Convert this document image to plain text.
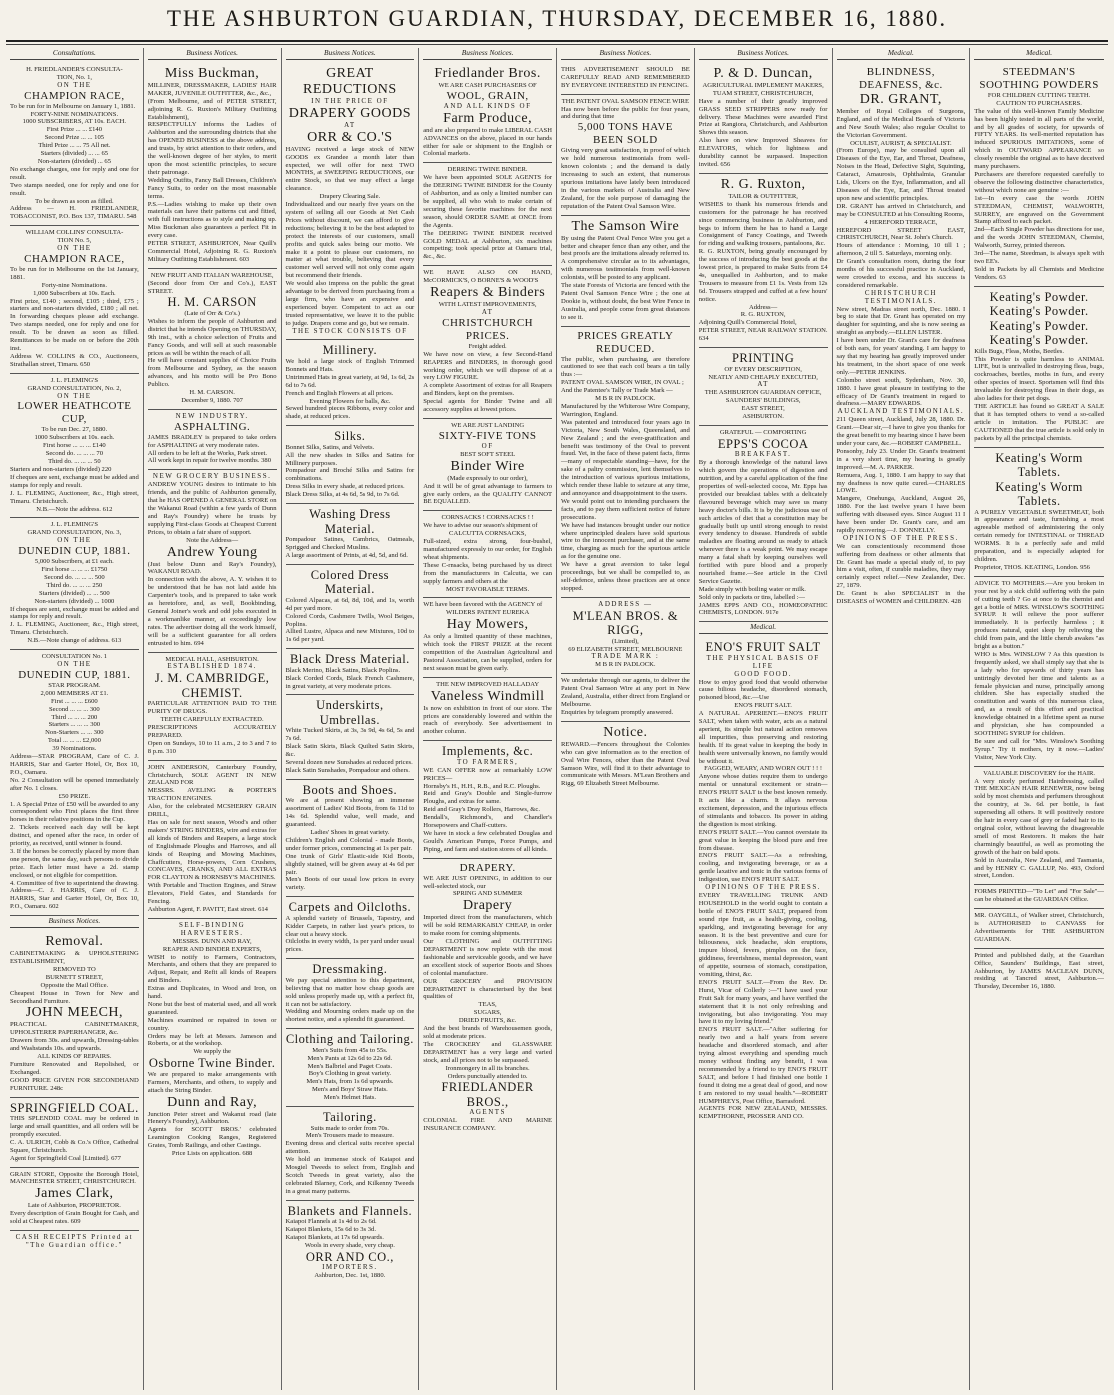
THE ASHBURTON GUARDIAN, THURSDAY, DECEMBER 16, 1880.
Consultations.
H. FRIEDLANDER'S CONSULTA-
TION, No. 1,
ON THE
CHAMPION RACE,
To be run for in Melbourne on January 1, 1881.
FORTY-NINE NOMINATIONS.
1000 SUBSCRIBERS, AT 10s. EACH.
First Prize ... ... £140
Second Prize ... ... 105
Third Prize ... ... 75 All net.
Starters (divided) ... ... 65
Non-starters (divided) ... 65
No exchange charges, one for reply and one for result.
Two stamps needed, one for reply and one for result.
To be drawn as soon as filled.
Address — H. FRIEDLANDER, TOBACCONIST, P.O. Box 137, TIMARU. 548
WILLIAM COLLINS' CONSULTA-
TION No. 5,
ON THE
CHAMPION RACE,
To be run for in Melbourne on the 1st January, 1881.
Forty-nine Nominations.
1,000 Subscribers at 10s. Each.
First prize, £140 ; second, £105 ; third, £75 ; starters and non-starters divided, £180 ; all net. In forwarding cheques please add exchange. Two stamps needed, one for reply and one for result. To be drawn as soon as filled. Remittances to be made on or before the 20th inst.
Address W. COLLINS & CO., Auctioneers, Strathallan street, Timaru. 650
J. L. FLEMING'S
GRAND CONSULTATION, No. 2,
ON THE
LOWER HEATHCOTE CUP,
To be run Dec. 27, 1880.
1000 Subscribers at 10s. each.
First horse ... ... ... £140
Second do. ... ... ... 70
Third do. ... ... ... 50
Starters and non-starters (divided) 220
If cheques are sent, exchange must be added and stamps for reply and result.
J. L. FLEMING, Auctioneer, &c., High street, Timaru. Christchurch.
N.B.—Note the address. 612
J. L. FLEMING'S
GRAND CONSULTATION, No. 3,
ON THE
DUNEDIN CUP, 1881.
5,000 Subscribers, at £1 each.
First horse ... ... ... £1750
Second do. ... ... ... 500
Third do. ... ... ... 250
Starters (divided) ... ... 500
Non-starters (divided) ... 1000
If cheques are sent, exchange must be added and stamps for reply and result.
J. L. FLEMING, Auctioneer, &c., High street, Timaru. Christchurch.
N.B.—Note change of address. 613
CONSULTATION No. 1
ON THE
DUNEDIN CUP, 1881.
STAR PROGRAM.
2,000 MEMBERS AT £1.
First ... ... ... £600
Second ... ... ... 300
Third ... ... ... 200
Starters ... ... ... 300
Non-Starters ... ... 300
Total ... ... ... £2,000
39 Nominations.
Address—STAR PROGRAM, Care of C. J. HARRIS, Star and Garter Hotel, Or, Box 10, P.O., Oamaru.
No. 2 Consultation will be opened immediately after No. 1 closes.
£50 PRIZE.
1. A Special Prize of £50 will be awarded to any correspondent who First places the first three horses in their relative positions in the Cup.
2. Tickets received each day will be kept distinct, and opened after the race, in order of priority, as received, until winner is found.
3. If the horses be correctly placed by more than one person, the same day, such persons to divide prize. Each letter must have a 2d. stamp enclosed, or not eligible for competition.
4. Committee of five to superintend the drawing.
Address—C. J. HARRIS, Care of C. J. HARRIS, Star and Garter Hotel, Or, Box 10, P.O., Oamaru. 602
Business Notices.
Removal.
CABINETMAKING & UPHOLSTERING ESTABLISHMENT,
REMOVED TO
BURNETT STREET,
Opposite the Mail Office.
Cheapest House in Town for New and Secondhand Furniture.
JOHN MEECH,
PRACTICAL CABINETMAKER, UPHOLSTERER PAPERHANGER, &c.
Drawers from 30s. and upwards, Dressing-tables and Washstands 10s. and upwards.
ALL KINDS OF REPAIRS.
Furniture Renovated and Repolished, or Exchanged.
GOOD PRICE GIVEN FOR SECONDHAND FURNITURE. 248c
SPRINGFIELD COAL.
THIS SPLENDID COAL may be ordered in large and small quantities, and all orders will be promptly executed.
C. A. ULRICH, Cobb & Co.'s Office, Cathedral Square, Christchurch.
Agent for Springfield Coal [Limited]. 677
GRAIN STORE, Opposite the Borough Hotel, MANCHESTER STREET, CHRISTCHURCH.
James Clark,
Late of Ashburton, PROPRIETOR.
Every description of Grain Bought for Cash, and sold at Cheapest rates. 609
CASH RECEIPTS Printed at "The Guardian office."
Business Notices.
Miss Buckman,
MILLINER, DRESSMAKER, LADIES' HAIR MAKER, JUVENILE OUTFITTER, &c., &c.,
(From Melbourne, and of PETER STREET, adjoining R. G. Ruxton's Military Outfitting Establishment),
RESPECTFULLY informs the Ladies of Ashburton and the surrounding districts that she has OPENED BUSINESS at the above address, and trusts, by strict attention to their orders, and the well-known degree of her styles, to merit upon the most scientific principles, to secure their patronage.
Wedding Outfits, Fancy Ball Dresses, Children's Fancy Suits, to order on the most reasonable terms.
P.S.—Ladies wishing to make up their own materials can have their patterns cut and fitted, with full instructions as to style and making up. Miss Buckman also guarantees a perfect Fit in every case.
PETER STREET, ASHBURTON, Near Quill's Commercial Hotel, Adjoining R. G. Ruxton's Military Outfitting Establishment. 603
NEW FRUIT AND ITALIAN WAREHOUSE,
(Second door from Orr and Co's.), EAST STREET.
H. M. CARSON
(Late of Orr & Co's.)
Wishes to inform the people of Ashburton and district that he intends Opening on THURSDAY, 9th inst., with a choice selection of Fruits and Fancy Goods, and will sell at such reasonable prices as will be within the reach of all.
He will have constant supplies of Choice Fruits from Melbourne and Sydney, as the season advances, and his motto will be Pro Bono Publico.
H. M. CARSON.
December 9, 1880. 707
NEW INDUSTRY.
ASPHALTING.
JAMES BRADLEY is prepared to take orders for ASPHALTING at very moderate rates.
All orders to be left at the Works, Park street.
All work kept in repair for twelve months. 380
NEW GROCERY BUSINESS.
ANDREW YOUNG desires to intimate to his friends, and the public of Ashburton generally, that he HAS OPENED A GENERAL STORE on the Wakanui Road (within a few yards of Dunn and Ray's Foundry) where he trusts by supplying First-class Goods at Cheapest Current Prices, to obtain a fair share of support.
Note the Address—
Andrew Young
(Just below Dunn and Ray's Foundry), WAKANUI ROAD.
In connection with the above, A. Y. wishes it to be understood that he has not laid aside his Carpenter's tools, and is prepared to take work as heretofore, and, as well, Bookbinding, General Joiner's work and odd jobs executed in a workmanlike manner, at exceedingly low rates. The advertiser doing all the work himself, will be a sufficient guarantee for all orders entrusted to him. 694
MEDICAL HALL, ASHBURTON.
ESTABLISHED 1874.
J. M. CAMBRIDGE,
CHEMIST.
PARTICULAR ATTENTION PAID TO THE PURITY OF DRUGS.
TEETH CAREFULLY EXTRACTED.
PRESCRIPTIONS ACCURATELY PREPARED.
Open on Sundays, 10 to 11 a.m., 2 to 3 and 7 to 8 p.m. 310
JOHN ANDERSON, Canterbury Foundry, Christchurch, SOLE AGENT IN NEW ZEALAND FOR
MESSRS. AVELING & PORTER'S TRACTION ENGINES.
Also, for the celebrated MCSHERRY GRAIN DRILL,
Has on sale for next season, Wood's and other makers' STRING BINDERS, wire and extras for all kinds of Binders and Reapers, a large stock of Englishmade Ploughs and Harrows, and all kinds of Reaping and Mowing Machines, Chaffcutters, Horse-powers, Corn Crushers, CONCAVES, CRANKS, AND ALL EXTRAS FOR CLAYTON & HORNSBY'S MACHINES.
With Portable and Traction Engines, and Straw Elevators, Field Gates, and Standards for Fencing.
Ashburton Agent, F. PAVITT, East street. 614
SELF-BINDING HARVESTERS.
MESSRS. DUNN AND RAY,
REAPER AND BINDER EXPERTS,
WISH to notify to Farmers, Contractors, Merchants, and others that they are prepared to Adjust, Repair, and Refit all kinds of Reapers and Binders.
Extras and Duplicates, in Wood and Iron, on hand.
None but the best of material used, and all work guaranteed.
Machines examined or repaired in town or country.
Orders may be left at Messrs. Jameson and Roberts, or at the workshop.
We supply the
Osborne Twine Binder.
We are prepared to make arrangements with Farmers, Merchants, and others, to supply and attach the String Binder.
Dunn and Ray,
Junction Peter street and Wakanui road (late Henery's Foundry), Ashburton.
Agents for SCOTT BROS.' celebrated Leamington Cooking Ranges, Registered Grates, Tomb Railings, and other Castings.
Price Lists on application. 688
Business Notices.
GREAT REDUCTIONS
IN THE PRICE OF
DRAPERY GOODS
AT
ORR & CO.'S
HAVING received a large stock of NEW GOODS ex Grandee a month later than expected, we will offer for next TWO MONTHS, at SWEEPING REDUCTIONS, our entire Stock, so that we may effect a large clearance.
Drapery Clearing Sale.
Individualized and our nearly five years on the system of selling all our Goods at Net Cash Prices without discount, we can afford to give reductions; believing it to be the best adapted to protect the interests of our customers, small profits and quick sales being our motto. We make it a point to please our customers, no matter at what trouble, believing that every customer well served will not only come again but recommend their friends.
We would also impress on the public the great advantage to be derived from purchasing from a large firm, who have an expensive and experienced buyer. Competent to act as our trusted representative, we leave it to the public to judge. Drapers come and go, but we remain.
THE STOCK CONSISTS OF
Millinery.
We hold a large stock of English Trimmed Bonnets and Hats.
Untrimmed Hats in great variety, at 9d, 1s 6d, 2s 6d to 7s 6d.
French and English Flowers at all prices.
Evening Flowers for balls, &c.
Sewed hundred pieces Ribbons, every color and shade, at reduced prices.
Silks.
Bonnet Silks, Satins, and Velvets.
All the new shades in Silks and Satins for Millinery purposes.
Pompadour and Broché Silks and Satins for combinations.
Dress Silks in every shade, at reduced prices.
Black Dress Silks, at 4s 6d, 5s 9d, to 7s 6d.
Washing Dress Material.
Pompadour Satines, Cambrics, Oatmeals, Sprigged and Checked Muslins.
A large assortment of Prints, at 4d, 5d, and 6d.
Colored Dress Material.
Colored Alpacas, at 6d, 8d, 10d, and 1s, worth 4d per yard more.
Colored Cords, Cashmere Twills, Wool Beiges, Poplins.
Allied Lustre, Alpaca and new Mixtures, 10d to 1s 6d per yard.
Black Dress Material.
Black Merino, Black Satins, Black Poplins.
Black Corded Cords, Black French Cashmere, in great variety, at very moderate prices.
Underskirts, Umbrellas.
White Tucked Skirts, at 3s, 3s 9d, 4s 6d, 5s and 7s 6d.
Black Satin Skirts, Black Quilted Satin Skirts, &c.
Several dozen new Sunshades at reduced prices.
Black Satin Sunshades, Pompadour and others.
Boots and Shoes.
We are at present showing an immense assortment of Ladies' Kid Boots, from 6s 11d to 14s 6d. Splendid value, well made, and guaranteed.
Ladies' Shoes in great variety.
Children's English and Colonial - made Boots, under former prices, commencing at 1s per pair.
One trunk of Girls' Elastic-side Kid Boots, slightly stained, will be given away at 4s 6d per pair.
Men's Boots of our usual low prices in every variety.
Carpets and Oilcloths.
A splendid variety of Brussels, Tapestry, and Kidder Carpets, in rather last year's prices, to clear out a heavy stock.
Oilcloths in every width, 1s per yard under usual prices.
Dressmaking.
We pay special attention to this department, believing that no matter how cheap goods are sold unless properly made up, with a perfect fit, it can not be satisfactory.
Wedding and Mourning orders made up on the shortest notice, and a splendid fit guaranteed.
Clothing and Tailoring.
Men's Suits from 45s to 55s.
Men's Pants at 12s 6d to 22s 6d.
Men's Balbriel and Paget Coats.
Boy's Clothing in great variety.
Men's Hats, from 1s 6d upwards.
Men's and Boys' Straw Hats.
Men's Helmet Hats.
Tailoring.
Suits made to order from 70s.
Men's Trousers made to measure.
Evening dress and clerical suits receive special attention.
We hold an immense stock of Kaiapoi and Mosgiel Tweeds to select from, English and Scotch Tweeds in great variety, also the celebrated Blarney, Cork, and Kilkenny Tweeds in a great many patterns.
Blankets and Flannels.
Kaiapoi Flannels at 1s 4d to 2s 6d.
Kaiapoi Blankets, 15s 6d to 3s 3d.
Kaiapoi Blankets, at 17s 6d upwards.
Wools in every shade, very cheap.
ORR AND CO.,
IMPORTERS.
Ashburton, Dec. 1st, 1880.
Business Notices.
Friedlander Bros.
WE ARE CASH PURCHASERS OF
WOOL, GRAIN,
AND ALL KINDS OF
Farm Produce,
and are also prepared to make LIBERAL CASH ADVANCES on the above, placed in our hands either for sale or shipment to the English or Colonial markets.
DERRING TWINE BINDER.
We have been appointed SOLE AGENTS for the DEERING TWINE BINDER for the County of Ashburton, and as only a limited number can be supplied, all who wish to make certain of securing these favorite machines for the next season, should ORDER SAME at ONCE from the Agents.
The DEERING TWINE BINDER received GOLD MEDAL at Ashburton, six machines competing; took special prize at Oamaru trial, &c., &c.
WE HAVE ALSO ON HAND, McCORMICK'S, O BORNE'S & WOOD'S
Reapers & Binders
WITH LATEST IMPROVEMENTS,
AT
CHRISTCHURCH PRICES.
Freight added.
We have now on view, a few Second-Hand REAPERS and BINDERS, in thorough good working order, which we will dispose of at a very LOW FIGURE.
A complete Assortment of extras for all Reapers and Binders, kept on the premises.
Special agents for Binder Twine and all accessory supplies at lowest prices.
WE ARE JUST LANDING
SIXTY-FIVE TONS
OF
BEST SOFT STEEL
Binder Wire
(Made expressly to our order),
And it will be of great advantage to farmers to give early orders, as the QUALITY CANNOT BE EQUALLED.
CORNSACKS ! CORNSACKS ! !
We have to advise our season's shipment of
CALCUTTA CORNSACKS,
Full-sized, extra strong, four-bushel, manufactured expressly to our order, for English wheat shipments.
These C-rnsacks, being purchased by us direct from the manufacturers in Calcutta, we can supply farmers and others at the
MOST FAVORABLE TERMS.
WE have been favored with the AGENCY of
WILDERS PATENT EUREKA
Hay Mowers,
As only a limited quantity of these machines, which took the FIRST PRIZE at the recent competition of the Australian Agricultural and Pastoral Association, can be supplied, orders for next season must be given early.
THE NEW IMPROVED HALLADAY
Vaneless Windmill
Is now on exhibition in front of our store. The prices are considerably lowered and within the reach of everybody. See advertisement in another column.
Implements, &c.
TO FARMERS,
WE CAN OFFER now at remarkably LOW PRICES—
Hornsby's H., H.H., R.B., and R.C. Ploughs.
Reid and Gray's Double and Single-furrow Ploughs, and extras for same.
Reid and Gray's Dray Rollers, Harrows, &c.
Bendall's, Richmond's, and Chandler's Horsepowers and Chaff-cutters.
We have in stock a few celebrated Douglas and Gould's American Pumps, Force Pumps, and Piping, and farm and station stores of all kinds.
DRAPERY.
WE ARE JUST OPENING, in addition to our well-selected stock, our
SPRING AND SUMMER
Drapery
Imported direct from the manufacturers, which will be sold REMARKABLY CHEAP, in order to make room for coming shipments.
Our CLOTHING and OUTFITTING DEPARTMENT is now replete with the most fashionable and serviceable goods, and we have an excellent stock of superior Boots and Shoes of colonial manufacture.
OUR GROCERY and PROVISION DEPARTMENT is characterised by the best qualities of
TEAS,
SUGARS,
DRIED FRUITS, &c.
And the best brands of Warehousemen goods, sold at moderate prices.
The CROCKERY and GLASSWARE DEPARTMENT has a very large and varied stock, and all prices not to be surpassed.
Ironmongery in all its branches.
Orders punctually attended to.
FRIEDLANDER BROS.,
AGENTS
COLONIAL FIRE AND MARINE INSURANCE COMPANY.
Business Notices.
THIS ADVERTISEMENT SHOULD BE CAREFULLY READ AND REMEMBERED BY EVERYONE INTERESTED IN FENCING.
THE PATENT OVAL SAMSON FENCE WIRE
Has now been before the public for four years, and during that time
5,000 TONS HAVE BEEN SOLD
Giving very great satisfaction, in proof of which we hold numerous testimonials from well-known colonists ; and the demand is daily increasing to such an extent, that numerous spurious imitations have lately been introduced in the various markets of Australia and New Zealand, for the sole purpose of damaging the reputation of the Patent Oval Samson Wire.
The Samson Wire
By using the Patent Oval Fence Wire you get a better and cheaper fence than any other, and the best proofs are the imitations already referred to.
A comprehensive circular as to its advantages, with numerous testimonials from well-known colonists, will be posted to any applicant.
The state Forests of Victoria are fenced with the Patent Oval Samson Fence Wire ; the one at Dookie is, without doubt, the best Wire Fence in Australia, and people come from great distances to see it.
PRICES GREATLY REDUCED.
The public, when purchasing, are therefore cautioned to see that each coil bears a tin tally thus :—
PATENT OVAL SAMSON WIRE, IN OVAL ;
And the Patentee's Tally or Trade Mark —
M B R IN PADLOCK.
Manufactured by the Whiterose Wire Company, Warrington, England.
Was patented and introduced four years ago in Victoria, New South Wales, Queensland, and New Zealand ; and the ever-gratification and benefit was testimony of the Oval to prevent fraud. Yet, in the face of these patent facts, firms—many of respectable standing—have, for the sake of a paltry commission, lent themselves to the introduction of various spurious imitations, which render these liable to seizure at any time, and annoyance and disappointment to the users.
We would point out to intending purchasers the facts, and to pay them sufficient notice of future prosecutions.
We have had instances brought under our notice where unprincipled dealers have sold spurious wire to the innocent purchaser, and at the same time, charging as much for the spurious article as for the genuine one.
We have a great aversion to take legal proceedings, but we shall be compelled to, as self-defence, unless those practices are at once stopped.
ADDRESS —
M'LEAN BROS. & RIGG,
(Limited),
69 ELIZABETH STREET, MELBOURNE
TRADE MARK :
M B R IN PADLOCK.
We undertake through our agents, to deliver the Patent Oval Samson Wire at any port in New Zealand, Australia, either direct from England or Melbourne.
Enquiries by telegram promptly answered.
Notice.
REWARD.—Fencers throughout the Colonies who can give information as to the erection of Oval Wire Fences, other than the Patent Oval Samson Wire, will find it to their advantage to communicate with Messrs. M'Lean Brothers and Rigg, 69 Elizabeth Street Melbourne.
Business Notices.
P. & D. Duncan,
AGRICULTURAL IMPLEMENT MAKERS,
TUAM STREET, CHRISTCHURCH,
Have a number of their greatly improved GRASS SEED STRIPPERS now ready for delivery. These Machines were awarded First Prize at Rangiora, Christchurch, and Ashburton Shows this season.
Also have on view Improved Sheaves for ELEVATORS, which for lightness and durability cannot be surpassed. Inspection invited. 656
R. G. Ruxton,
TAILOR & OUTFITTER,
WISHES to thank his numerous friends and customers for the patronage he has received since commencing business in Ashburton, and begs to inform them he has to hand a Large Consignment of Fancy Coatings, and Tweeds for riding and walking trousers, pantaloons, &c.
R. G. RUXTON, being greatly encouraged by the success of introducing the best goods at the lowest price, is prepared to make Suits from £4 4s, unequalled in Ashburton, and to make Trousers to measure from £1 1s. Vests from 12s 6d. Trousers strapped and cuffed at a few hours' notice.
Address—
R. G. RUXTON,
Adjoining Quill's Commercial Hotel,
PETER STREET, NEAR RAILWAY STATION. 634
PRINTING
OF EVERY DESCRIPTION,
NEATLY AND CHEAPLY EXECUTED,
AT
THE ASHBURTON GUARDIAN OFFICE,
SAUNDERS' BUILDINGS,
EAST STREET,
ASHBURTON.
GRATEFUL — COMFORTING
EPPS'S COCOA
BREAKFAST.
By a thorough knowledge of the natural laws which govern the operations of digestion and nutrition, and by a careful application of the fine properties of well-selected cocoa, Mr. Epps has provided our breakfast tables with a delicately flavoured beverage which may save us many heavy doctor's bills. It is by the judicious use of such articles of diet that a constitution may be gradually built up until strong enough to resist every tendency to disease. Hundreds of subtle maladies are floating around us ready to attack wherever there is a weak point. We may escape many a fatal shaft by keeping ourselves well fortified with pure blood and a properly nourished frame.—See article in the Civil Service Gazette.
Made simply with boiling water or milk.
Sold only in packets or tins, labelled :—
JAMES EPPS AND CO., HOMŒOPATHIC CHEMISTS, LONDON. 917e
Medical.
ENO'S FRUIT SALT
THE PHYSICAL BASIS OF LIFE
GOOD FOOD.
How to enjoy good food that would otherwise cause bilious headache, disordered stomach, poisoned blood, &c.—Use
ENO'S FRUIT SALT.
A NATURAL APERIENT.—ENO'S FRUIT SALT, when taken with water, acts as a natural aperient, its simple but natural action removes all impurities, thus preserving and restoring health. If its great value in keeping the body in health were universally known, no family would be without it.
FAGGED, WEARY, AND WORN OUT ! ! !
Anyone whose duties require them to undergo mental or unnatural excitement or strain—ENO'S FRUIT SALT is the best known remedy. It acts like a charm. It allays nervous excitement, depression, and the injurious effects of stimulants and tobacco. Its power in aiding the digestion is most striking.
ENO'S FRUIT SALT.—You cannot overstate its great value in keeping the blood pure and free from disease.
ENO'S FRUIT SALT.—As a refreshing, cooling, and invigorating beverage, or as a gentle laxative and tonic in the various forms of indigestion, use ENO'S FRUIT SALT.
OPINIONS OF THE PRESS.
EVERY TRAVELLING TRUNK AND HOUSEHOLD in the world ought to contain a bottle of ENO'S FRUIT SALT, prepared from sound ripe fruit, as a health-giving, cooling, sparkling, and invigorating beverage for any season. It is the best preventive and cure for biliousness, sick headache, skin eruptions, impure blood, fevers, pimples on the face, giddiness, feverishness, mental depression, want of appetite, sourness of stomach, constipation, vomiting, thirst, &c.
ENO'S FRUIT SALT.—From the Rev. Dr. Hurst, Vicar of Collerly :—"I have used your Fruit Salt for many years, and have verified the statement that it is not only refreshing and invigorating, but also invigorating. You may have it to my loving friend."
ENO'S FRUIT SALT.—"After suffering for nearly two and a half years from severe headache and disordered stomach, and after trying almost everything and spending much money without finding any benefit, I was recommended by a friend to try ENO'S FRUIT SALT, and before I had finished one bottle I found it doing me a great deal of good, and now I am restored to my usual health."—ROBERT HUMPHREYS, Post Office, Barrasford.
AGENTS FOR NEW ZEALAND, MESSRS. KEMPTHORNE, PROSSER AND CO.
Medical.
BLINDNESS, DEAFNESS, &c.
DR. GRANT,
Member of Royal Colleges of Surgeons, England, and of the Medical Boards of Victoria and New South Wales; also regular Oculist to the Victorian Government.
OCULIST, AURIST, & SPECIALIST.
(From Europe), may be consulted upon all Diseases of the Eye, Ear, and Throat, Deafness, Noises in the Head, Defective Sight, Squinting, Cataract, Amaurosis, Ophthalmia, Granular Lids, Ulcers on the Eye, Inflammation, and all Diseases of the Eye, Ear, and Throat treated upon new and scientific principles.
DR. GRANT has arrived in Christchurch, and may be CONSULTED at his Consulting Rooms,
4 HEREFORD TERRACE,
HEREFORD STREET EAST, CHRISTCHURCH, Near St. John's Church.
Hours of attendance : Morning, 10 till 1 ; afternoon, 2 till 5. Saturdays, morning only.
Dr Grant's consultation room, during the four months of his successful practice in Auckland, were crowded to excess, and his success is considered remarkable.
CHRISTCHURCH TESTIMONIALS.
New street, Madras street north, Dec. 1880. I beg to state that Dr. Grant has operated on my daughter for squinting, and she is now seeing as straight as anybody.—ELLEN LISTER.
I have been under Dr. Grant's care for deafness of both ears, for years' standing. I am happy to say that my hearing has greatly improved under his treatment, in the short space of one week only.—PETER JENKINS.
Colombo street south, Sydenham, Nov. 30, 1880. I have great pleasure in testifying to the efficacy of Dr Grant's treatment in regard to deafness.—MARY EDWARDS.
AUCKLAND TESTIMONIALS.
211 Queen street, Auckland, July 28, 1880. Dr. Grant.—Dear sir,—I have to give you thanks for the great benefit to my hearing since I have been under your care, &c.—ROBERT CAMPBELL.
Ponsonby, July 23. Under Dr. Grant's treatment in a very short time, my hearing is greatly improved.—M. A. PARKER.
Remuera, Aug. 1, 1880. I am happy to say that my deafness is now quite cured.—CHARLES LOWE.
Mangere, Onehunga, Auckland, August 26, 1880. For the last twelve years I have been suffering with diseased eyes. Since August 11 I have been under Dr. Grant's care, and am rapidly recovering.—J. DONNELLY.
OPINIONS OF THE PRESS.
We can conscientiously recommend those suffering from deafness or other ailments that Dr. Grant has made a special study of, to pay him a visit, often, if curable maladies, they may certainly expect relief.—New Zealander, Dec. 27, 1879.
Dr. Grant is also SPECIALIST in the DISEASES of WOMEN and CHILDREN. 428
Medical.
STEEDMAN'S SOOTHING POWDERS
FOR CHILDREN CUTTING TEETH.
CAUTION TO PURCHASERS.
The value of this well-known Family Medicine has been highly tested in all parts of the world, and by all grades of society, for upwards of FIFTY YEARS. Its well-merited reputation has induced SPURIOUS IMITATIONS, some of which in OUTWARD APPEARANCE so closely resemble the original as to have deceived many purchasers.
Purchasers are therefore requested carefully to observe the following distinctive characteristics, without which none are genuine :—
1st—In every case the words JOHN STEEDMAN, CHEMIST, WALWORTH, SURREY, are engraved on the Government Stamp affixed to each packet.
2nd—Each Single Powder has directions for use, and the words JOHN STEEDMAN, Chemist, Walworth, Surrey, printed thereon.
3rd—The name, Steedman, is always spelt with two EE's.
Sold in Packets by all Chemists and Medicine Vendors. 63
Keating's Powder.
Keating's Powder.
Keating's Powder.
Keating's Powder.
Kills Bugs, Fleas, Moths, Beetles.
This Powder is quite harmless to ANIMAL LIFE, but is unrivalled in destroying fleas, bugs, cockroaches, beetles, moths in furs, and every other species of insect. Sportsmen will find this invaluable for destroying fleas in their dogs, as also ladies for their pet dogs.
THE ARTICLE has found so GREAT A SALE that it has tempted others to vend a so-called article in imitation. The PUBLIC are CAUTIONED that the true article is sold only in packets by all the principal chemists.
Keating's Worm Tablets.
Keating's Worm Tablets.
A PURELY VEGETABLE SWEETMEAT, both in appearance and taste, furnishing a most agreeable method of administering the only certain remedy for INTESTINAL or THREAD WORMS. It is a perfectly safe and mild preparation, and is especially adapted for children.
Proprietor, THOS. KEATING, London. 956
ADVICE TO MOTHERS.—Are you broken in your rest by a sick child suffering with the pain of cutting teeth ? Go at once to the chemist and get a bottle of MRS. WINSLOW'S SOOTHING SYRUP. It will relieve the poor sufferer immediately. It is perfectly harmless ; it produces natural, quiet sleep by relieving the child from pain, and the little cherub awakes "as bright as a button."
WHO is Mrs. WINSLOW ? As this question is frequently asked, we shall simply say that she is a lady who for upwards of thirty years has untiringly devoted her time and talents as a female physician and nurse, principally among children. She has especially studied the constitution and wants of this numerous class, and, as a result of this effort and practical knowledge obtained in a lifetime spent as nurse and physician, she has compounded a SOOTHING SYRUP for children.
Be sure and call for "Mrs. Winslow's Soothing Syrup." Try it mothers, try it now.—Ladies' Visitor, New York City.
VALUABLE DISCOVERY for the HAIR.
A very nicely perfumed Hairdressing, called THE MEXICAN HAIR RENEWER, now being sold by most chemists and perfumers throughout the country, at 3s. 6d. per bottle, is fast superseding all others. It will positively restore the hair in every case of grey or faded hair to its original color, without leaving the disagreeable smell of most Restorers. It makes the hair charmingly beautiful, as well as promoting the growth of the hair on bald spots.
Sold in Australia, New Zealand, and Tasmania, and by HENRY C. GALLUP, No. 493, Oxford street, London.
FORMS PRINTED—"To Let" and "For Sale"—can be obtained at the GUARDIAN Office.
MR. OAYGILL, of Walker street, Christchurch, is AUTHORISED to CANVASS for Advertisements for THE ASHBURTON GUARDIAN.
Printed and published daily, at the Guardian Office, Saunders' Buildings, East street, Ashburton, by JAMES MACLEAN DUNN, residing at Tancred street, Ashburton.—Thursday, December 16, 1880.
